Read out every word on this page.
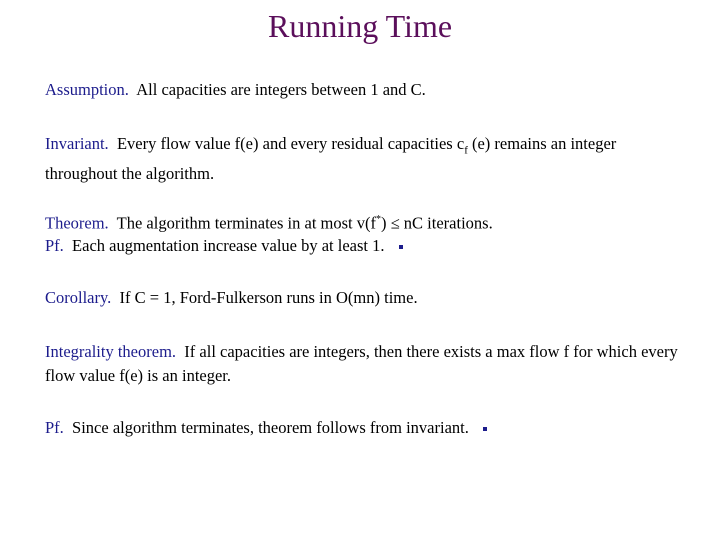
Running Time
Assumption. All capacities are integers between 1 and C.
Invariant. Every flow value f(e) and every residual capacities $c_f$ (e) remains an integer throughout the algorithm.
Theorem. The algorithm terminates in at most v(f*) ≤ nC iterations.
Pf. Each augmentation increase value by at least 1.
Corollary. If C = 1, Ford-Fulkerson runs in O(mn) time.
Integrality theorem. If all capacities are integers, then there exists a max flow f for which every flow value f(e) is an integer.
Pf. Since algorithm terminates, theorem follows from invariant.
